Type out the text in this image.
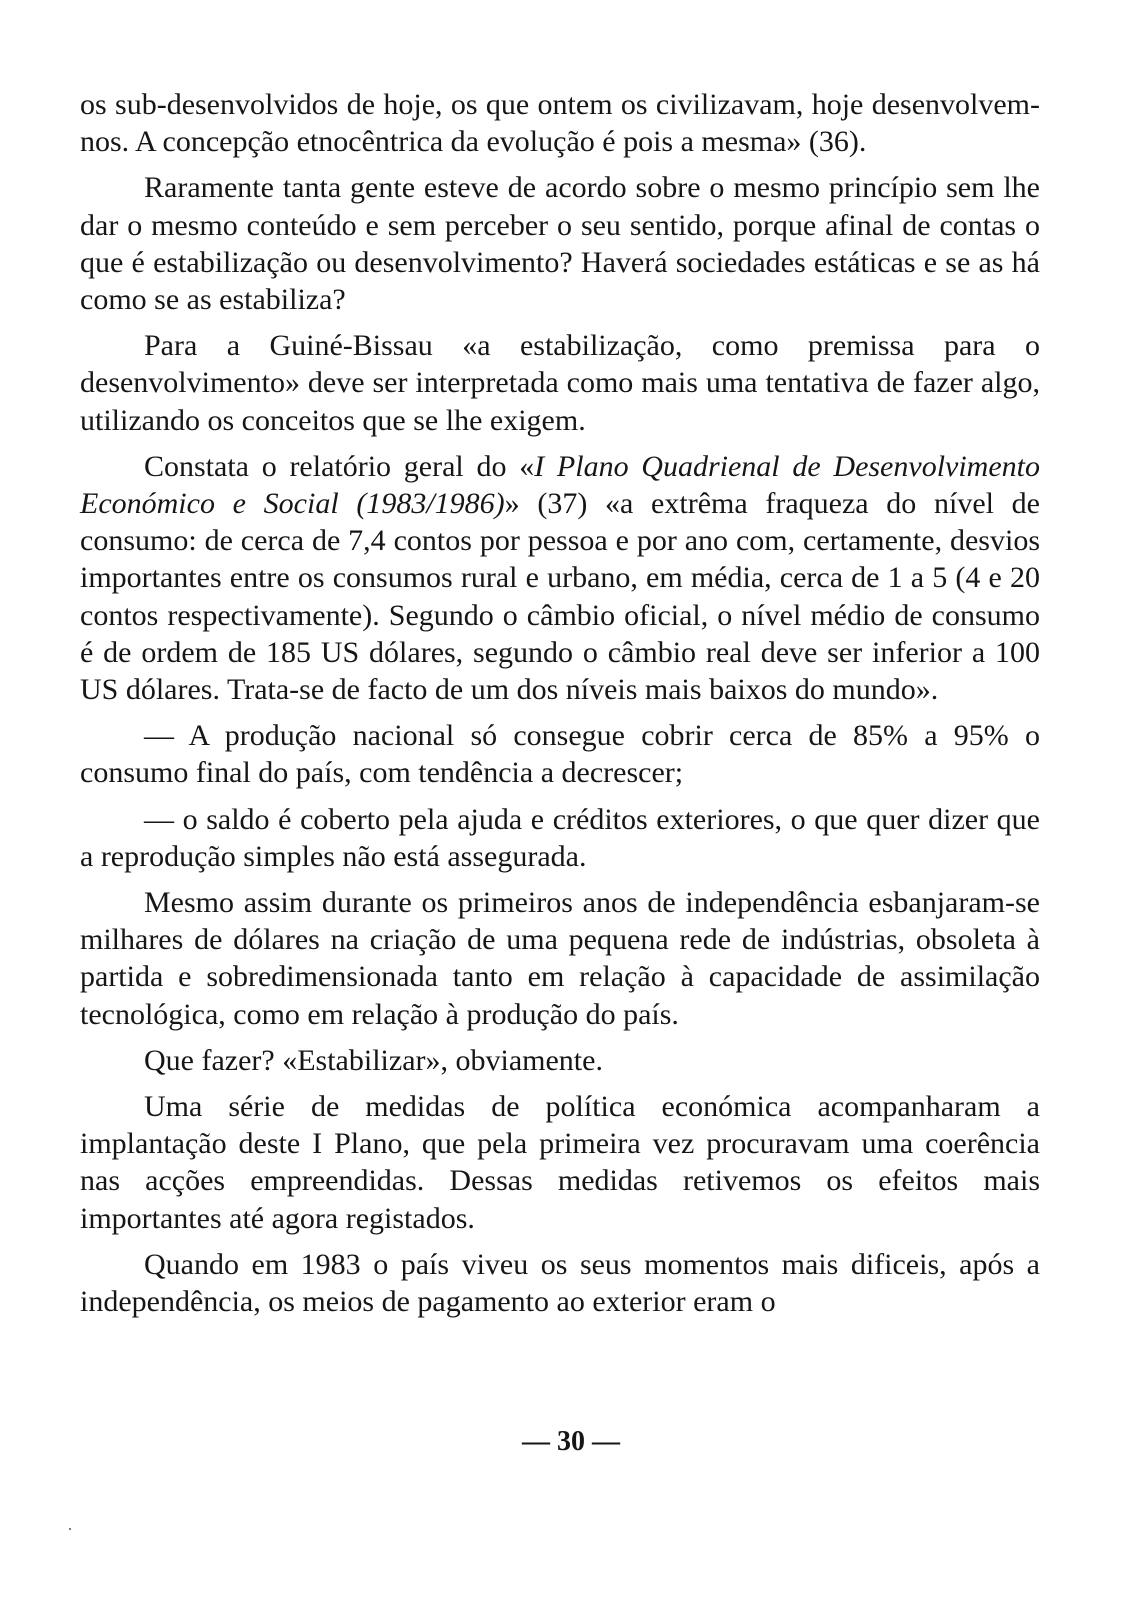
os sub-desenvolvidos de hoje, os que ontem os civilizavam, hoje desenvolvem-nos. A concepção etnocêntrica da evolução é pois a mesma» (36).

Raramente tanta gente esteve de acordo sobre o mesmo princípio sem lhe dar o mesmo conteúdo e sem perceber o seu sentido, porque afinal de contas o que é estabilização ou desenvolvimento? Haverá sociedades estáticas e se as há como se as estabiliza?

Para a Guiné-Bissau «a estabilização, como premissa para o desenvolvimento» deve ser interpretada como mais uma tentativa de fazer algo, utilizando os conceitos que se lhe exigem.

Constata o relatório geral do «I Plano Quadrienal de Desenvolvimento Económico e Social (1983/1986)» (37) «a extrêma fraqueza do nível de consumo: de cerca de 7,4 contos por pessoa e por ano com, certamente, desvios importantes entre os consumos rural e urbano, em média, cerca de 1 a 5 (4 e 20 contos respectivamente). Segundo o câmbio oficial, o nível médio de consumo é de ordem de 185 US dólares, segundo o câmbio real deve ser inferior a 100 US dólares. Trata-se de facto de um dos níveis mais baixos do mundo».

— A produção nacional só consegue cobrir cerca de 85% a 95% o consumo final do país, com tendência a decrescer;

— o saldo é coberto pela ajuda e créditos exteriores, o que quer dizer que a reprodução simples não está assegurada.

Mesmo assim durante os primeiros anos de independência esbanjaram-se milhares de dólares na criação de uma pequena rede de indústrias, obsoleta à partida e sobredimensionada tanto em relação à capacidade de assimilação tecnológica, como em relação à produção do país.

Que fazer? «Estabilizar», obviamente.

Uma série de medidas de política económica acompanharam a implantação deste I Plano, que pela primeira vez procuravam uma coerência nas acções empreendidas. Dessas medidas retivemos os efeitos mais importantes até agora registados.

Quando em 1983 o país viveu os seus momentos mais dificeis, após a independência, os meios de pagamento ao exterior eram o

— 30 —
